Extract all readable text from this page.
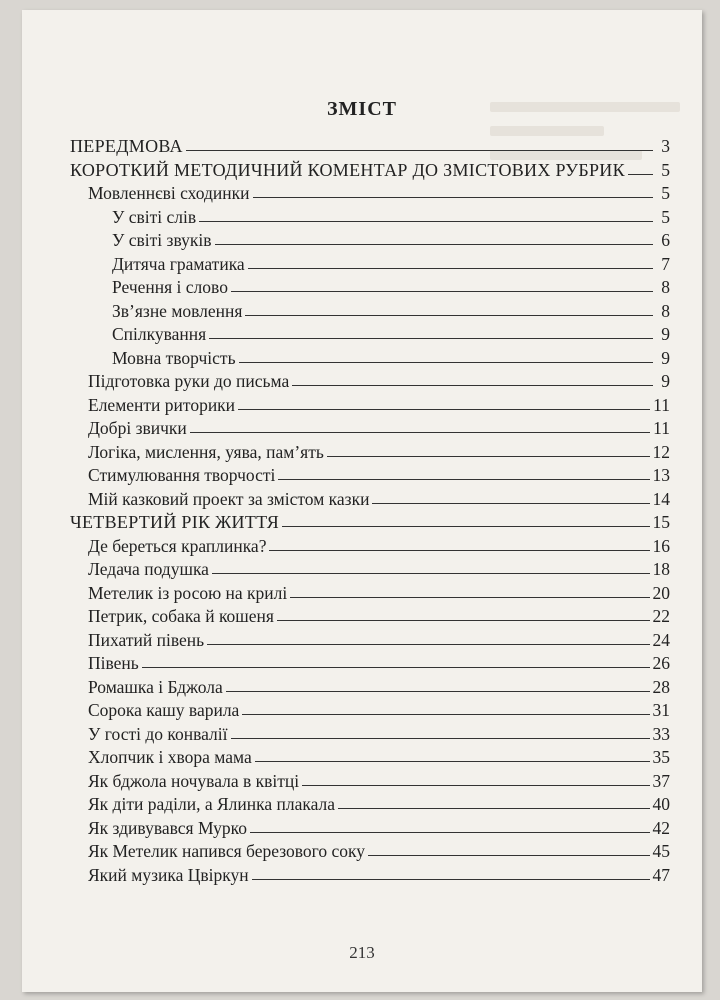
ЗМІСТ
ПЕРЕДМОВА	3
КОРОТКИЙ МЕТОДИЧНИЙ КОМЕНТАР ДО ЗМІСТОВИХ РУБРИК	5
Мовленнєві сходинки	5
У світі слів	5
У світі звуків	6
Дитяча граматика	7
Речення і слово	8
Зв’язне мовлення	8
Спілкування	9
Мовна творчість	9
Підготовка руки до письма	9
Елементи риторики	11
Добрі звички	11
Логіка, мислення, уява, пам’ять	12
Стимулювання творчості	13
Мій казковий проект за змістом казки	14
ЧЕТВЕРТИЙ РІК ЖИТТЯ	15
Де береться краплинка?	16
Ледача подушка	18
Метелик із росою на крилі	20
Петрик, собака й кошеня	22
Пихатий півень	24
Півень	26
Ромашка і Бджола	28
Сорока кашу варила	31
У гості до конвалії	33
Хлопчик і хвора мама	35
Як бджола ночувала в квітці	37
Як діти раділи, а Ялинка плакала	40
Як здивувався Мурко	42
Як Метелик напився березового соку	45
Який музика Цвіркун	47
213
